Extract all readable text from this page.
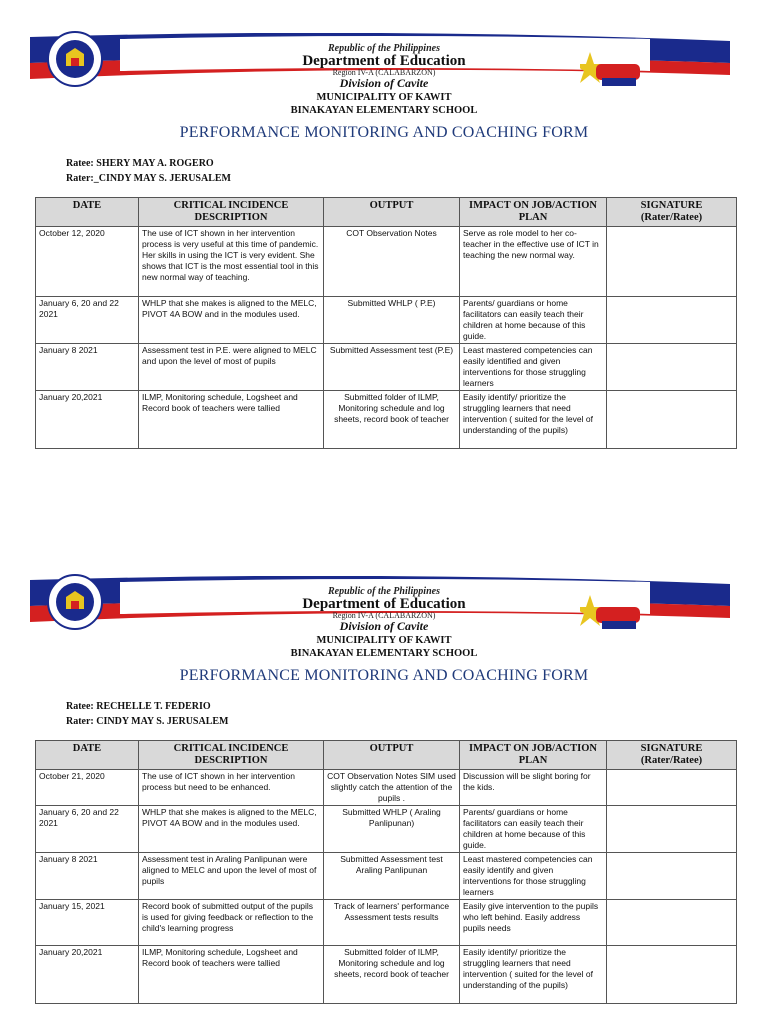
Republic of the Philippines
Department of Education
Region IV-A (CALABARZON)
Division of Cavite
MUNICIPALITY OF KAWIT
BINAKAYAN ELEMENTARY SCHOOL
PERFORMANCE MONITORING AND COACHING FORM
Ratee: SHERY MAY A. ROGERO
Rater:_CINDY MAY S. JERUSALEM
DATE	CRITICAL INCIDENCE DESCRIPTION	OUTPUT	IMPACT ON JOB/ACTION PLAN	SIGNATURE (Rater/Ratee)
October 12, 2020	The use of ICT shown in her intervention process is very useful at this time of pandemic. Her skills in using the ICT is very evident. She shows that ICT is the most essential tool in this new normal way of teaching.	COT Observation Notes	Serve as role model to her co-teacher in the effective use of ICT in teaching the new normal way.	
January 6, 20 and 22 2021	WHLP that she makes is aligned to the MELC, PIVOT 4A BOW and in the modules used.	Submitted WHLP ( P.E)	Parents/ guardians or home facilitators can easily teach their children at home because of this guide.	
January 8 2021	Assessment test in P.E. were aligned to MELC and upon the level of most of pupils	Submitted Assessment test (P.E)	Least mastered competencies can easily identified and given interventions for those struggling learners	
January 20,2021	ILMP, Monitoring schedule, Logsheet and Record book of teachers were tallied	Submitted folder of ILMP, Monitoring schedule and log sheets, record book of teacher	Easily identify/ prioritize the struggling learners that need intervention ( suited for the level of understanding of the pupils)	
Republic of the Philippines
Department of Education
Region IV-A (CALABARZON)
Division of Cavite
MUNICIPALITY OF KAWIT
BINAKAYAN ELEMENTARY SCHOOL
PERFORMANCE MONITORING AND COACHING FORM
Ratee: RECHELLE T. FEDERIO
Rater: CINDY MAY S. JERUSALEM
DATE	CRITICAL INCIDENCE DESCRIPTION	OUTPUT	IMPACT ON JOB/ACTION PLAN	SIGNATURE (Rater/Ratee)
October 21, 2020	The use of ICT shown in her intervention process but need to be enhanced.	COT Observation Notes SIM used slightly catch the attention of the pupils .	Discussion will be slight boring for the kids.	
January 6, 20 and 22 2021	WHLP that she makes is aligned to the MELC, PIVOT 4A BOW and in the modules used.	Submitted WHLP ( Araling Panlipunan)	Parents/ guardians or home facilitators can easily teach their children at home because of this guide.	
January 8 2021	Assessment test in Araling Panlipunan were aligned to MELC and upon the level of most of pupils	Submitted Assessment test Araling Panlipunan	Least mastered competencies can easily identify and given interventions for those struggling learners	
January 15, 2021	Record book of submitted output of the pupils is used for giving feedback or reflection to the child's learning progress	Track of learners' performance Assessment tests results	Easily give intervention to the pupils who left behind. Easily address pupils needs	
January 20,2021	ILMP, Monitoring schedule, Logsheet and Record book of teachers were tallied	Submitted folder of ILMP, Monitoring schedule and log sheets, record book of teacher	Easily identify/ prioritize the struggling learners that need intervention ( suited for the level of understanding of the pupils)	
